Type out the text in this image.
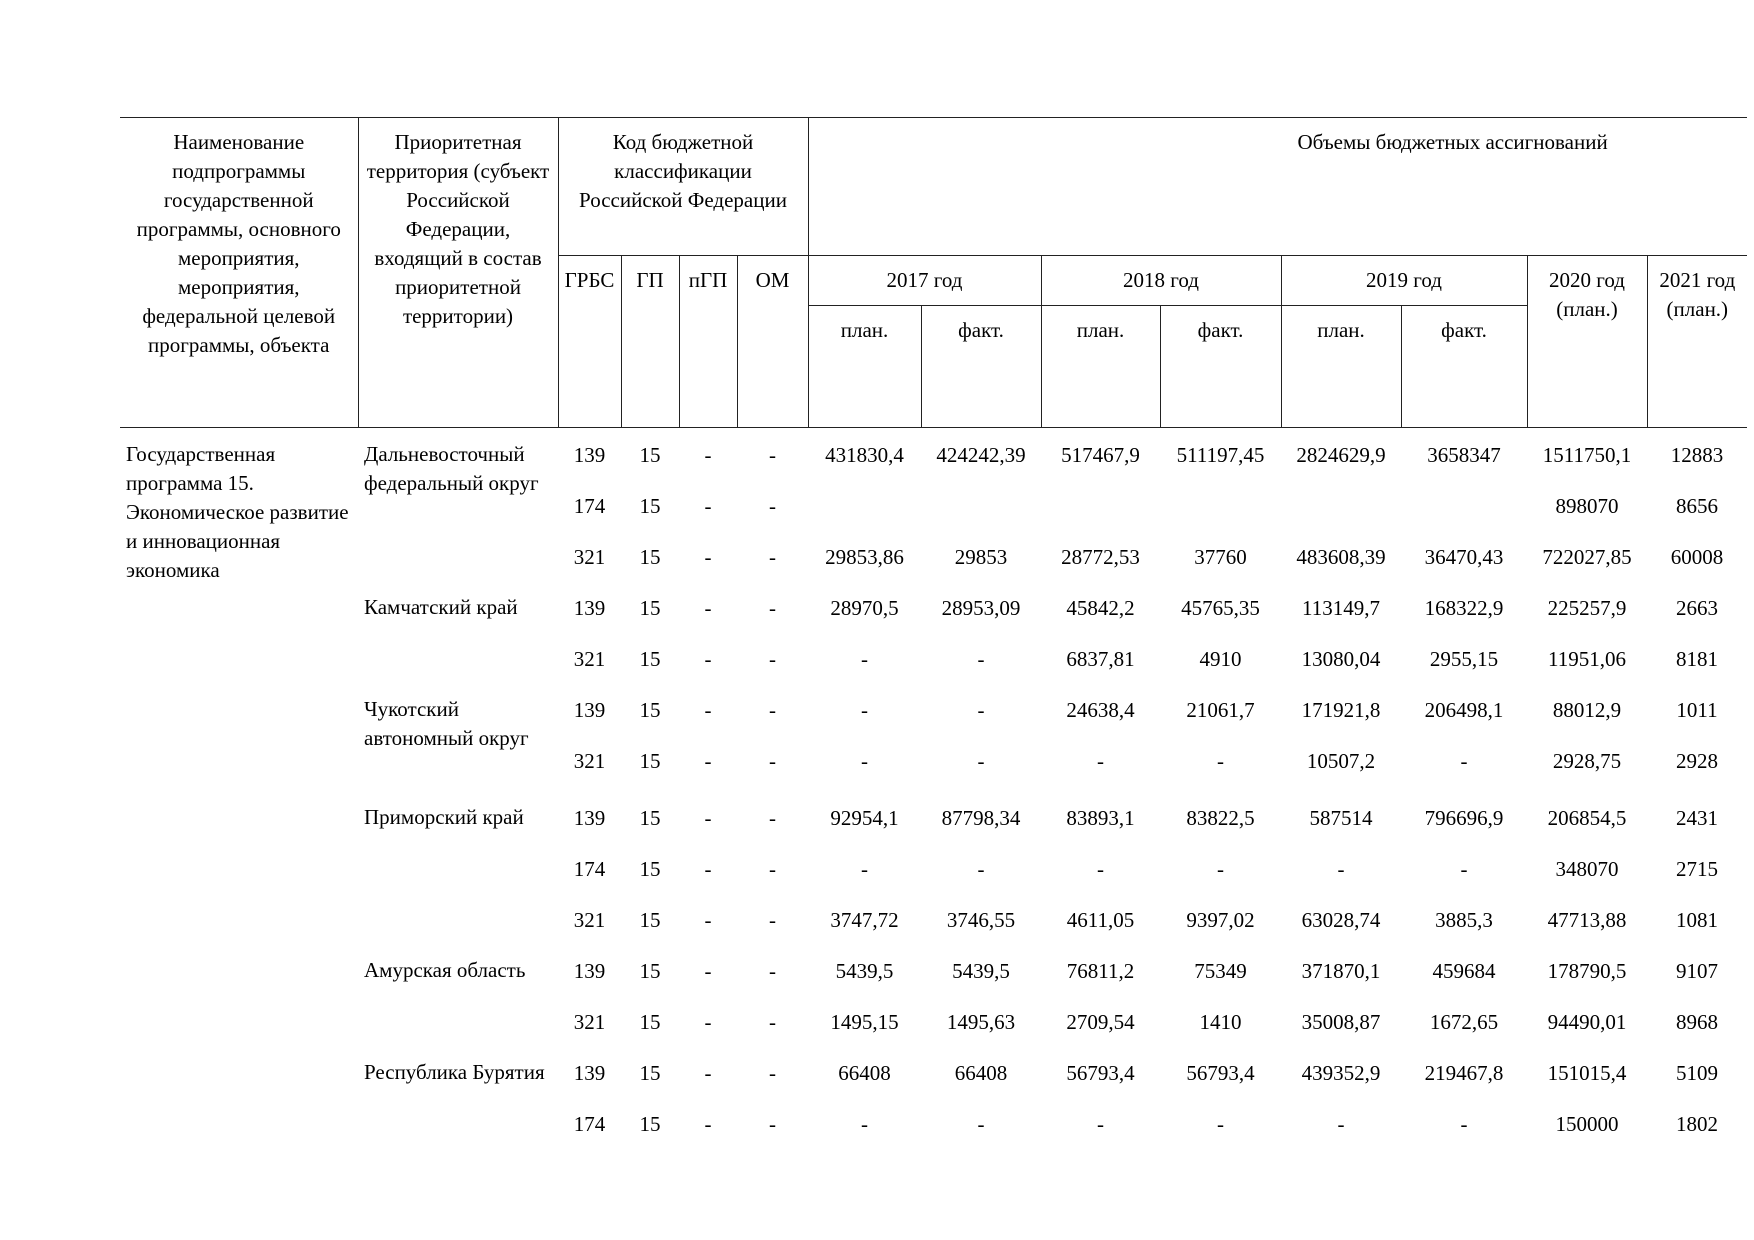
Наименование подпрограммы государственной программы, основного мероприятия, мероприятия, федеральной целевой программы, объекта	Приоритетная территория (субъект Российской Федерации, входящий в состав приоритетной территории)	Код бюджетной классификации Российской Федерации				Объемы бюджетных ассигнований							
		ГРБС	ГП	пГП	ОМ	2017 год		2018 год		2019 год		2020 год (план.)	2021 год (план.)
						план.	факт.	план.	факт.	план.	факт.		
Государственная программа 15. Экономическое развитие и инновационная экономика	Дальневосточный федеральный округ	139	15	-	-	431830,4	424242,39	517467,9	511197,45	2824629,9	3658347	1511750,1	12883
		174	15	-	-							898070	8656
		321	15	-	-	29853,86	29853	28772,53	37760	483608,39	36470,43	722027,85	60008
	Камчатский край	139	15	-	-	28970,5	28953,09	45842,2	45765,35	113149,7	168322,9	225257,9	2663
		321	15	-	-	-	-	6837,81	4910	13080,04	2955,15	11951,06	8181
	Чукотский автономный округ	139	15	-	-	-	-	24638,4	21061,7	171921,8	206498,1	88012,9	1011
		321	15	-	-	-	-	-	-	10507,2	-	2928,75	2928
	Приморский край	139	15	-	-	92954,1	87798,34	83893,1	83822,5	587514	796696,9	206854,5	2431
		174	15	-	-	-	-	-	-	-	-	348070	2715
		321	15	-	-	3747,72	3746,55	4611,05	9397,02	63028,74	3885,3	47713,88	1081
	Амурская область	139	15	-	-	5439,5	5439,5	76811,2	75349	371870,1	459684	178790,5	9107
		321	15	-	-	1495,15	1495,63	2709,54	1410	35008,87	1672,65	94490,01	8968
	Республика Бурятия	139	15	-	-	66408	66408	56793,4	56793,4	439352,9	219467,8	151015,4	5109
		174	15	-	-	-	-	-	-	-	-	150000	1802
